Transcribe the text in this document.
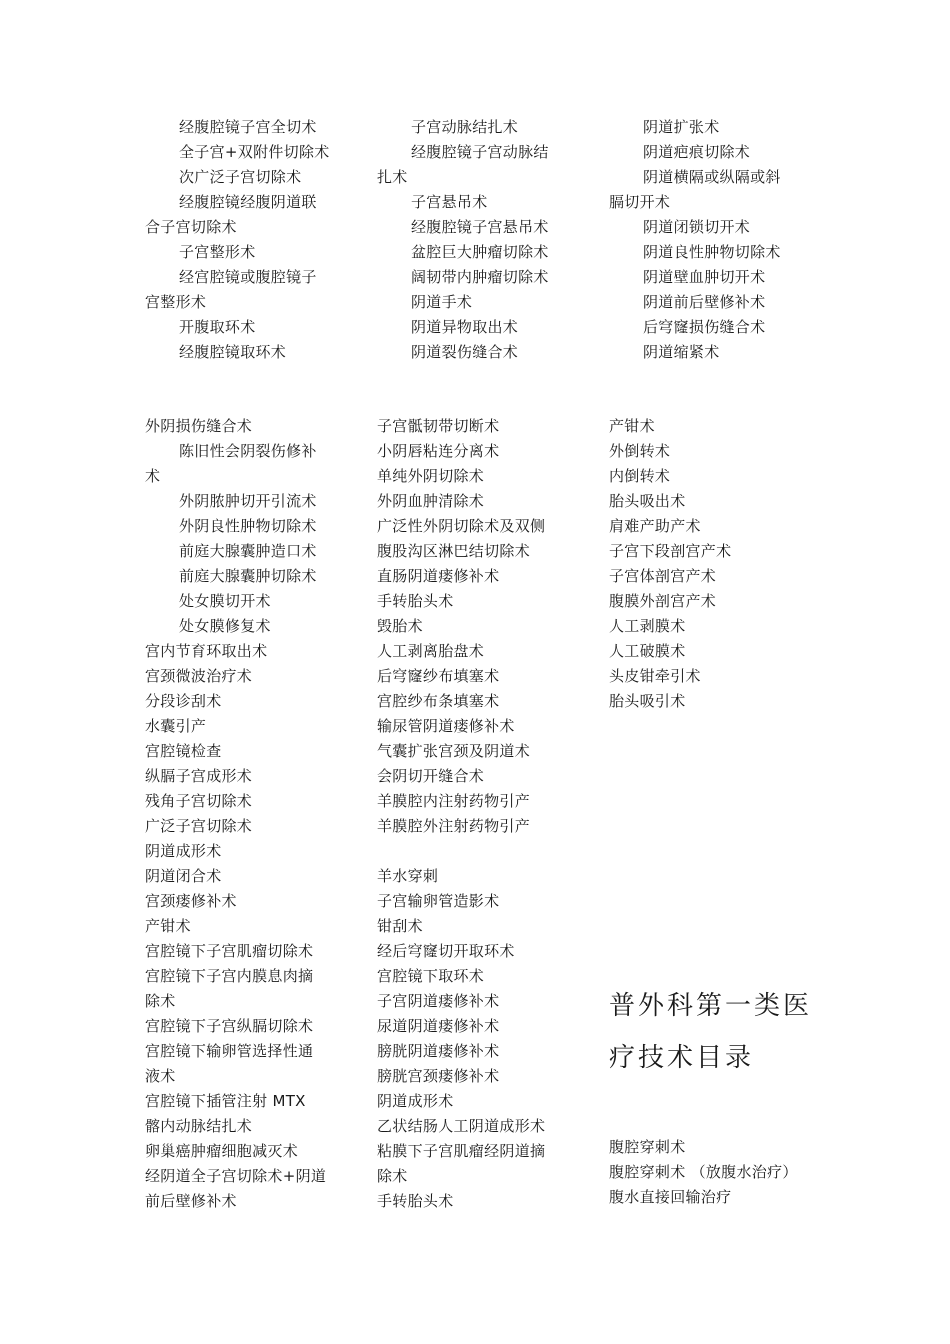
经腹腔镜子宫全切术

全子宫+双附件切除术

次广泛子宫切除术

经腹腔镜经腹阴道联

合子宫切除术

子宫整形术

经宫腔镜或腹腔镜子

宫整形术

开腹取环术

经腹腔镜取环术

子宫动脉结扎术

经腹腔镜子宫动脉结

扎术

子宫悬吊术

经腹腔镜子宫悬吊术

盆腔巨大肿瘤切除术

阔韧带内肿瘤切除术

阴道手术

阴道异物取出术

阴道裂伤缝合术

阴道扩张术

阴道疤痕切除术

阴道横隔或纵隔或斜

膈切开术

阴道闭锁切开术

阴道良性肿物切除术

阴道壁血肿切开术

阴道前后壁修补术

后穹窿损伤缝合术

阴道缩紧术

外阴损伤缝合术

陈旧性会阴裂伤修补

术

外阴脓肿切开引流术

外阴良性肿物切除术

前庭大腺囊肿造口术

前庭大腺囊肿切除术

处女膜切开术

处女膜修复术

宫内节育环取出术

宫颈微波治疗术

分段诊刮术

水囊引产

宫腔镜检查

纵膈子宫成形术

残角子宫切除术

广泛子宫切除术

阴道成形术

阴道闭合术

宫颈瘘修补术

产钳术

宫腔镜下子宫肌瘤切除术

宫腔镜下子宫内膜息肉摘

除术

宫腔镜下子宫纵膈切除术

宫腔镜下输卵管选择性通

液术

宫腔镜下插管注射 MTX

髂内动脉结扎术

卵巢癌肿瘤细胞减灭术

经阴道全子宫切除术+阴道

前后壁修补术

子宫骶韧带切断术

小阴唇粘连分离术

单纯外阴切除术

外阴血肿清除术

广泛性外阴切除术及双侧

腹股沟区淋巴结切除术

直肠阴道瘘修补术

手转胎头术

毁胎术

人工剥离胎盘术

后穹窿纱布填塞术

宫腔纱布条填塞术

输尿管阴道瘘修补术

气囊扩张宫颈及阴道术

会阴切开缝合术

羊膜腔内注射药物引产

羊膜腔外注射药物引产

羊水穿刺

子宫输卵管造影术

钳刮术

经后穹窿切开取环术

宫腔镜下取环术

子宫阴道瘘修补术

尿道阴道瘘修补术

膀胱阴道瘘修补术

膀胱宫颈瘘修补术

阴道成形术

乙状结肠人工阴道成形术

粘膜下子宫肌瘤经阴道摘

除术

手转胎头术

产钳术

外倒转术

内倒转术

胎头吸出术

肩难产助产术

子宫下段剖宫产术

子宫体剖宫产术

腹膜外剖宫产术

人工剥膜术

人工破膜术

头皮钳牵引术

胎头吸引术

普外科第一类医
疗技术目录

腹腔穿刺术

腹腔穿刺术 （放腹水治疗）

腹水直接回输治疗
